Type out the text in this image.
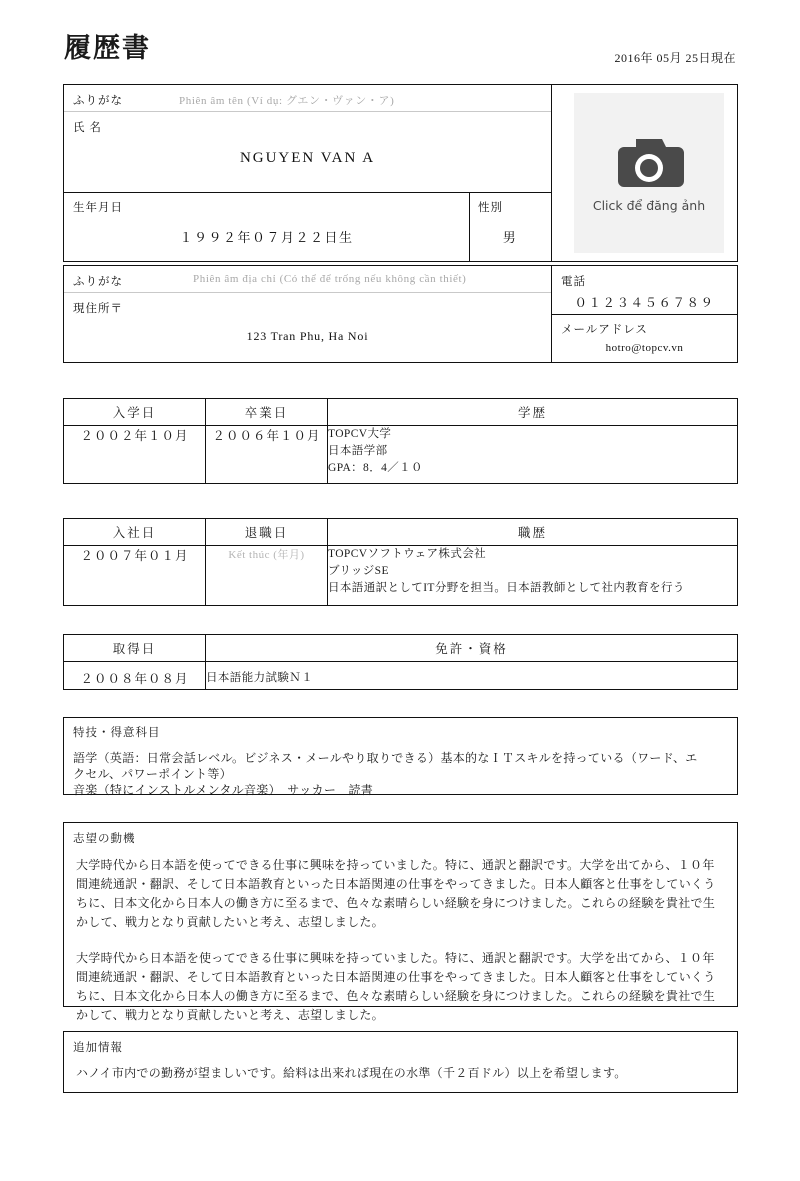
履歴書	2016年 05月 25日現在
ふりがな	Phiên âm tên (Ví dụ: グエン・ヴァン・ア)
氏 名
NGUYEN VAN A
生年月日
１９９２年０７月２２日生
性別
男
Click để đăng ảnh
ふりがな	Phiên âm địa chỉ (Có thể để trống nếu không cần thiết)
現住所〒
123 Tran Phu, Ha Noi
電話
０１２３４５６７８９
メールアドレス
hotro@topcv.vn
入学日	卒業日	学歴
２００２年１０月	２００６年１０月	TOPCV大学
日本語学部
GPA：8．4／１０
入社日	退職日	職歴
２００７年０１月	Kết thúc (年月)	TOPCVソフトウェア株式会社
ブリッジSE
日本語通訳としてIT分野を担当。日本語教師として社内教育を行う
取得日	免許・資格
２００８年０８月	日本語能力試験Ｎ１
特技・得意科目
語学（英語：日常会話レベル。ビジネス・メールやり取りできる）基本的なＩＴスキルを持っている（ワード、エ
クセル、パワーポイント等）
音楽（特にインストルメンタル音楽）　サッカー　読書
志望の動機

大学時代から日本語を使ってできる仕事に興味を持っていました。特に、通訳と翻訳です。大学を出てから、１０年間連続通訳・翻訳、そして日本語教育といった日本語関連の仕事をやってきました。日本人顧客と仕事をしていくうちに、日本文化から日本人の働き方に至るまで、色々な素晴らしい経験を身につけました。これらの経験を貴社で生かして、戦力となり貢献したいと考え、志望しました。

大学時代から日本語を使ってできる仕事に興味を持っていました。特に、通訳と翻訳です。大学を出てから、１０年間連続通訳・翻訳、そして日本語教育といった日本語関連の仕事をやってきました。日本人顧客と仕事をしていくうちに、日本文化から日本人の働き方に至るまで、色々な素晴らしい経験を身につけました。これらの経験を貴社で生かして、戦力となり貢献したいと考え、志望しました。

追加情報
ハノイ市内での勤務が望ましいです。給料は出来れば現在の水準（千２百ドル）以上を希望します。
